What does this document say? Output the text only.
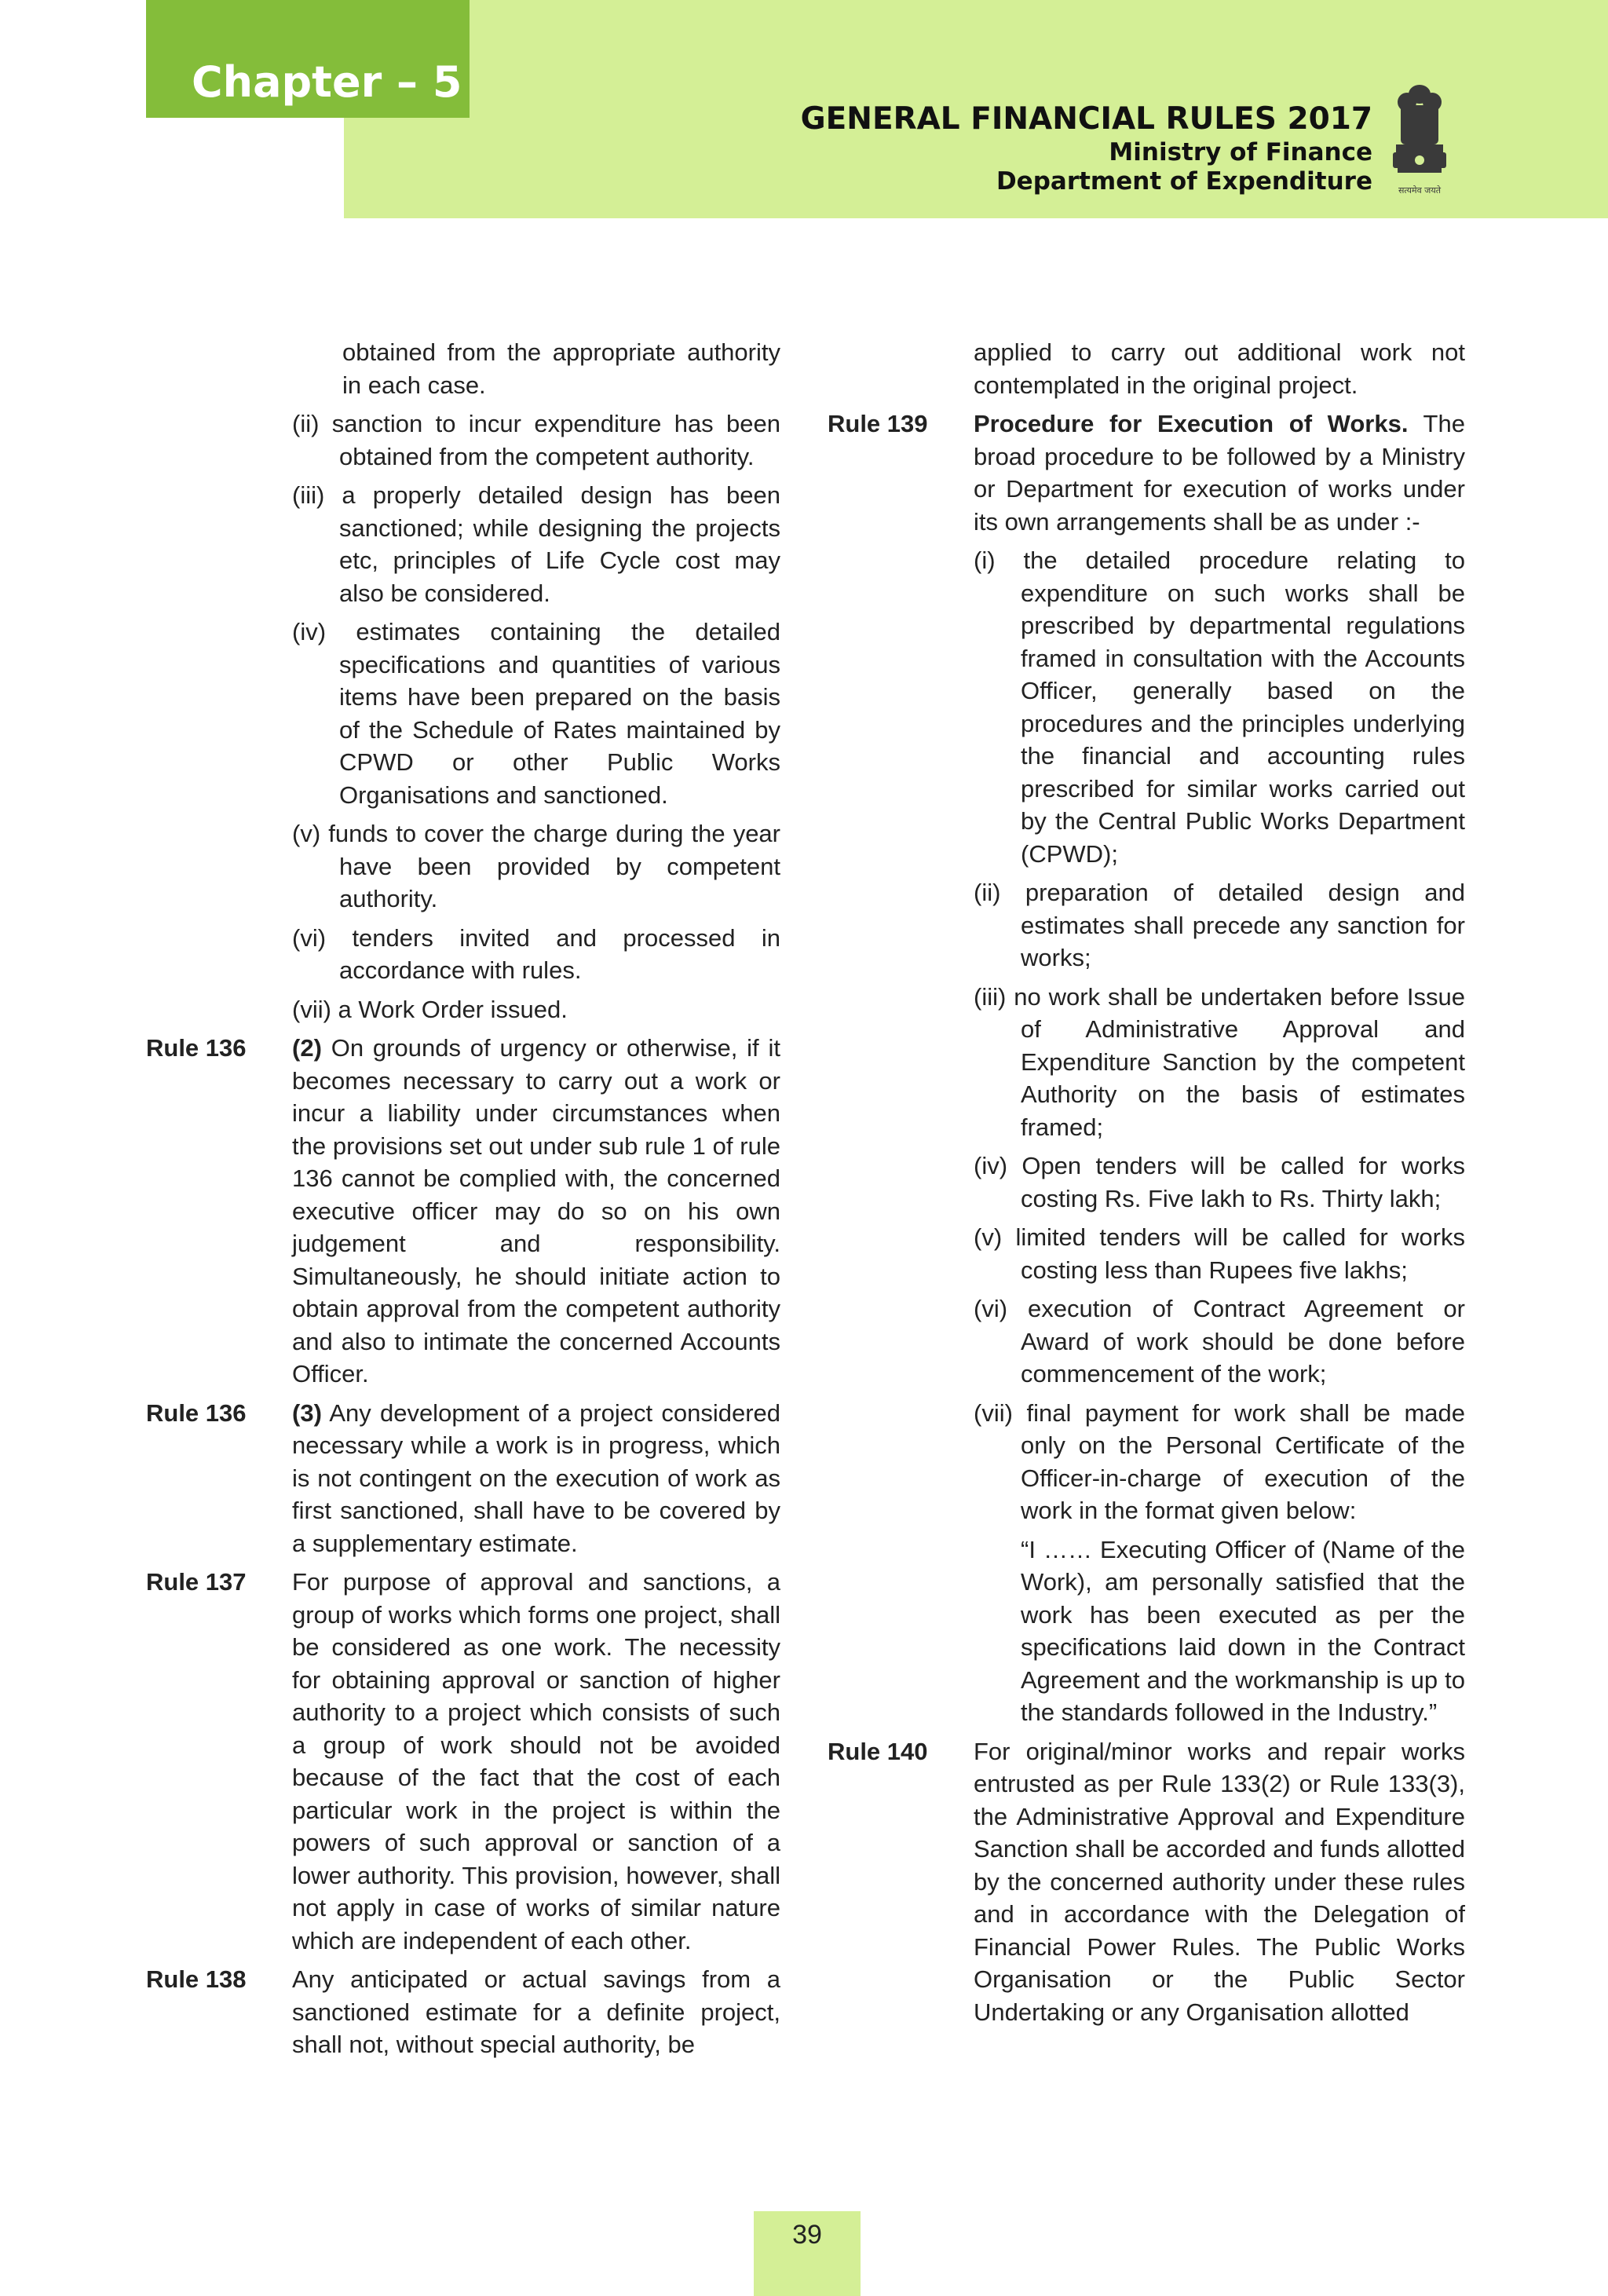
Chapter – 5
GENERAL FINANCIAL RULES 2017
Ministry of Finance
Department of Expenditure	सत्यमेव जयते
obtained from the appropriate authority in each case.
(ii) sanction to incur expenditure has been obtained from the competent authority.
(iii) a properly detailed design has been sanctioned; while designing the projects etc, principles of Life Cycle cost may also be considered.
(iv) estimates containing the detailed specifications and quantities of various items have been prepared on the basis of the Schedule of Rates maintained by CPWD or other Public Works Organisations and sanctioned.
(v) funds to cover the charge during the year have been provided by competent authority.
(vi) tenders invited and processed in accordance with rules.
(vii) a Work Order issued.
Rule 136	(2) On grounds of urgency or otherwise, if it becomes necessary to carry out a work or incur a liability under circumstances when the provisions set out under sub rule 1 of rule 136 cannot be complied with, the concerned executive officer may do so on his own judgement and responsibility. Simultaneously, he should initiate action to obtain approval from the competent authority and also to intimate the concerned Accounts Officer.

Rule 136	(3) Any development of a project considered necessary while a work is in progress, which is not contingent on the execution of work as first sanctioned, shall have to be covered by a supplementary estimate.

Rule 137	For purpose of approval and sanctions, a group of works which forms one project, shall be considered as one work. The necessity for obtaining approval or sanction of higher authority to a project which consists of such a group of work should not be avoided because of the fact that the cost of each particular work in the project is within the powers of such approval or sanction of a lower authority. This provision, however, shall not apply in case of works of similar nature which are independent of each other.

Rule 138	Any anticipated or actual savings from a sanctioned estimate for a definite project, shall not, without special authority, be

applied to carry out additional work not contemplated in the original project.
Rule 139	Procedure for Execution of Works. The broad procedure to be followed by a Ministry or Department for execution of works under its own arrangements shall be as under :-

(i) the detailed procedure relating to expenditure on such works shall be prescribed by departmental regulations framed in consultation with the Accounts Officer, generally based on the procedures and the principles underlying the financial and accounting rules prescribed for similar works carried out by the Central Public Works Department (CPWD);
(ii) preparation of detailed design and estimates shall precede any sanction for works;
(iii) no work shall be undertaken before Issue of Administrative Approval and Expenditure Sanction by the competent Authority on the basis of estimates framed;
(iv) Open tenders will be called for works costing Rs. Five lakh to Rs. Thirty lakh;
(v) limited tenders will be called for works costing less than Rupees five lakhs;
(vi) execution of Contract Agreement or Award of work should be done before commencement of the work;
(vii) final payment for work shall be made only on the Personal Certificate of the Officer-in-charge of execution of the work in the format given below:
“I …… Executing Officer of (Name of the Work), am personally satisfied that the work has been executed as per the specifications laid down in the Contract Agreement and the workmanship is up to the standards followed in the Industry.”
Rule 140	For original/minor works and repair works entrusted as per Rule 133(2) or Rule 133(3), the Administrative Approval and Expenditure Sanction shall be accorded and funds allotted by the concerned authority under these rules and in accordance with the Delegation of Financial Power Rules. The Public Works Organisation or the Public Sector Undertaking or any Organisation allotted

39
